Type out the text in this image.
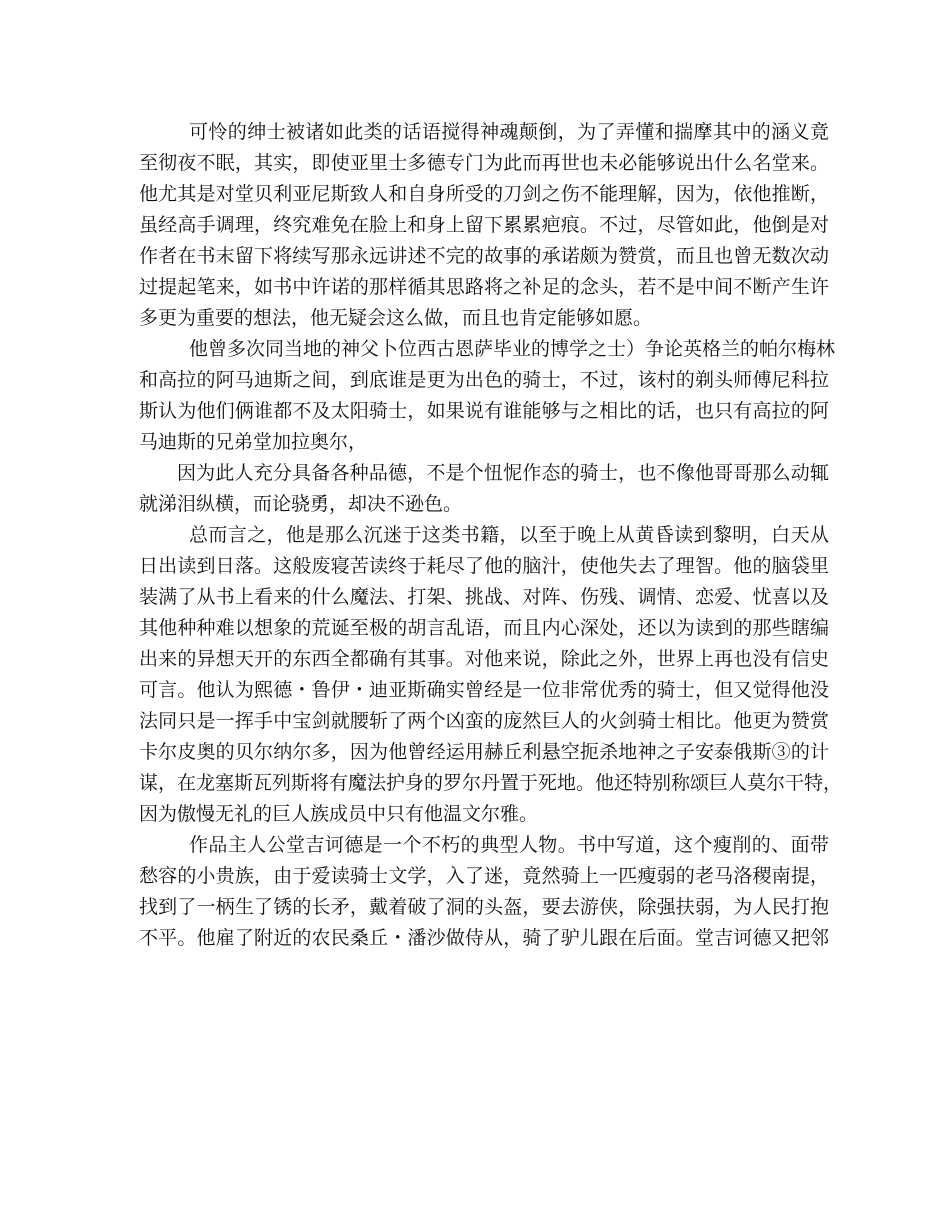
可怜的绅士被诸如此类的话语搅得神魂颠倒，为了弄懂和揣摩其中的涵义竟
至彻夜不眠，其实，即使亚里士多德专门为此而再世也未必能够说出什么名堂来。
他尤其是对堂贝利亚尼斯致人和自身所受的刀剑之伤不能理解，因为，依他推断，
虽经高手调理，终究难免在脸上和身上留下累累疤痕。不过，尽管如此，他倒是对
作者在书末留下将续写那永远讲述不完的故事的承诺颇为赞赏，而且也曾无数次动
过提起笔来，如书中许诺的那样循其思路将之补足的念头，若不是中间不断产生许
多更为重要的想法，他无疑会这么做，而且也肯定能够如愿。
他曾多次同当地的神父卜位西古恩萨毕业的博学之士）争论英格兰的帕尔梅林
和高拉的阿马迪斯之间，到底谁是更为出色的骑士，不过，该村的剃头师傅尼科拉
斯认为他们俩谁都不及太阳骑士，如果说有谁能够与之相比的话，也只有高拉的阿
马迪斯的兄弟堂加拉奥尔，
因为此人充分具备各种品德，不是个忸怩作态的骑士，也不像他哥哥那么动辄
就涕泪纵横，而论骁勇，却决不逊色。
总而言之，他是那么沉迷于这类书籍，以至于晚上从黄昏读到黎明，白天从
日出读到日落。这般废寝苦读终于耗尽了他的脑汁，使他失去了理智。他的脑袋里
装满了从书上看来的什么魔法、打架、挑战、对阵、伤残、调情、恋爱、忧喜以及
其他种种难以想象的荒诞至极的胡言乱语，而且内心深处，还以为读到的那些瞎编
出来的异想天开的东西全都确有其事。对他来说，除此之外，世界上再也没有信史
可言。他认为熙德・鲁伊・迪亚斯确实曾经是一位非常优秀的骑士，但又觉得他没
法同只是一挥手中宝剑就腰斩了两个凶蛮的庞然巨人的火剑骑士相比。他更为赞赏
卡尔皮奥的贝尔纳尔多，因为他曾经运用赫丘利悬空扼杀地神之子安泰俄斯③的计
谋，在龙塞斯瓦列斯将有魔法护身的罗尔丹置于死地。他还特别称颂巨人莫尔干特，
因为傲慢无礼的巨人族成员中只有他温文尔雅。
作品主人公堂吉诃德是一个不朽的典型人物。书中写道，这个瘦削的、面带
愁容的小贵族，由于爱读骑士文学，入了迷，竟然骑上一匹瘦弱的老马洛稷南提，
找到了一柄生了锈的长矛，戴着破了洞的头盔，要去游侠，除强扶弱，为人民打抱
不平。他雇了附近的农民桑丘・潘沙做侍从，骑了驴儿跟在后面。堂吉诃德又把邻
